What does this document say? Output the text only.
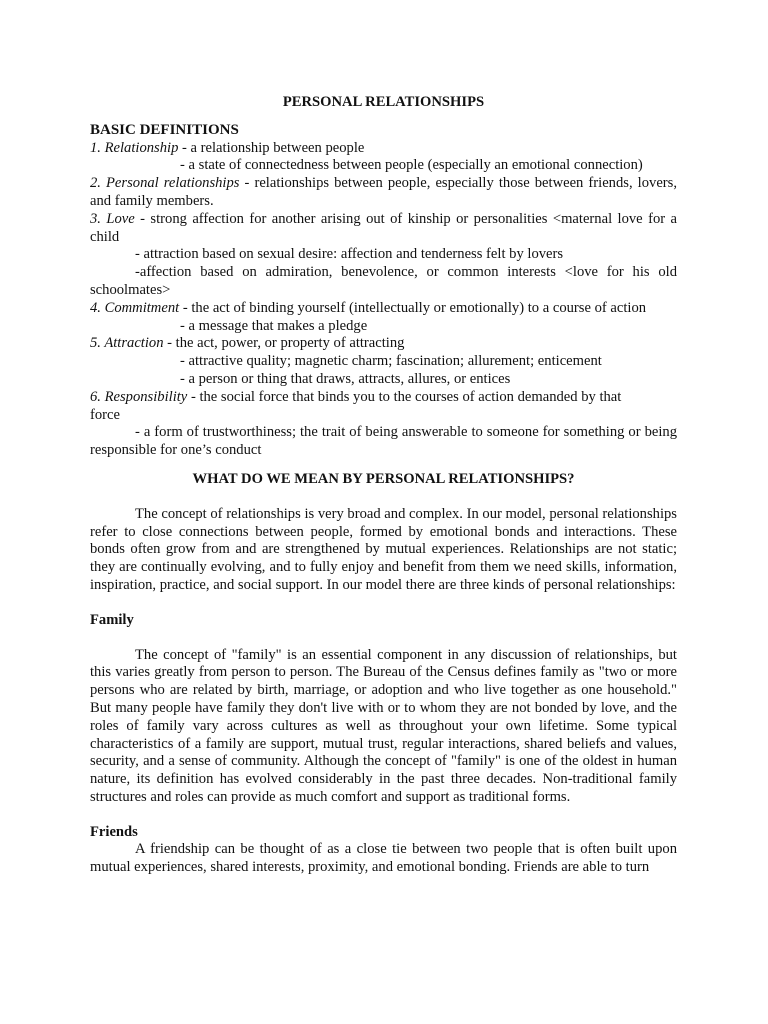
PERSONAL RELATIONSHIPS

BASIC DEFINITIONS

1. Relationship - a relationship between people

- a state of connectedness between people (especially an emotional connection)

2. Personal relationships - relationships between people, especially those between friends, lovers, and family members.

3. Love - strong affection for another arising out of kinship or personalities <maternal love for a child

- attraction based on sexual desire: affection and tenderness felt by lovers

-affection based on admiration, benevolence, or common interests <love for his old schoolmates>

4. Commitment - the act of binding yourself (intellectually or emotionally) to a course of action

- a message that makes a pledge

5. Attraction - the act, power, or property of attracting

- attractive quality; magnetic charm; fascination; allurement; enticement

- a person or thing that draws, attracts, allures, or entices

6. Responsibility - the social force that binds you to the courses of action demanded by that force

- a form of trustworthiness; the trait of being answerable to someone for something or being responsible for one’s conduct

WHAT DO WE MEAN BY PERSONAL RELATIONSHIPS?

The concept of relationships is very broad and complex. In our model, personal relationships refer to close connections between people, formed by emotional bonds and interactions. These bonds often grow from and are strengthened by mutual experiences. Relationships are not static; they are continually evolving, and to fully enjoy and benefit from them we need skills, information, inspiration, practice, and social support. In our model there are three kinds of personal relationships:

Family

The concept of "family" is an essential component in any discussion of relationships, but this varies greatly from person to person. The Bureau of the Census defines family as "two or more persons who are related by birth, marriage, or adoption and who live together as one household." But many people have family they don't live with or to whom they are not bonded by love, and the roles of family vary across cultures as well as throughout your own lifetime. Some typical characteristics of a family are support, mutual trust, regular interactions, shared beliefs and values, security, and a sense of community. Although the concept of "family" is one of the oldest in human nature, its definition has evolved considerably in the past three decades. Non-traditional family structures and roles can provide as much comfort and support as traditional forms.

Friends

A friendship can be thought of as a close tie between two people that is often built upon mutual experiences, shared interests, proximity, and emotional bonding. Friends are able to turn
